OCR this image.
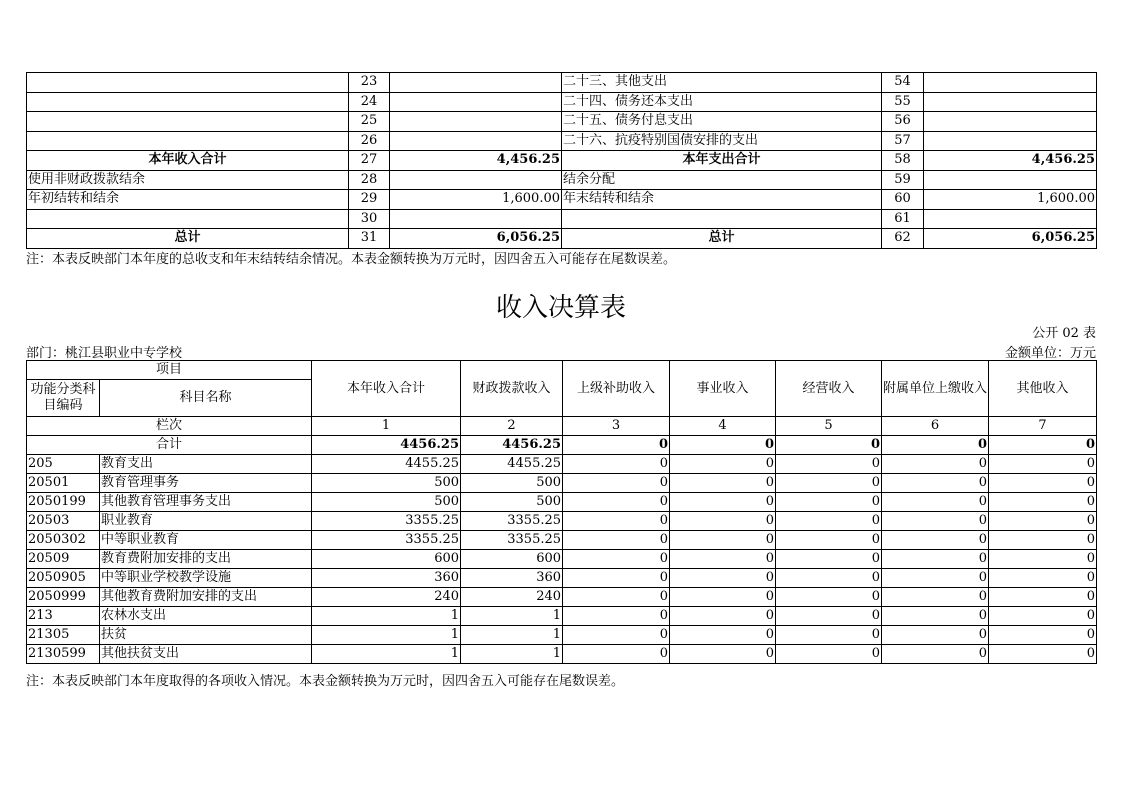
	23		二十三、其他支出	54	
	24		二十四、债务还本支出	55	
	25		二十五、债务付息支出	56	
	26		二十六、抗疫特别国债安排的支出	57	
本年收入合计	27	4,456.25	本年支出合计	58	4,456.25
使用非财政拨款结余	28		结余分配	59	
年初结转和结余	29	1,600.00	年末结转和结余	60	1,600.00
	30			61	
总计	31	6,056.25	总计	62	6,056.25
注：本表反映部门本年度的总收支和年末结转结余情况。本表金额转换为万元时，因四舍五入可能存在尾数误差。
收入决算表
公开 02 表
部门：桃江县职业中专学校	金额单位：万元
项目		本年收入合计	财政拨款收入	上级补助收入	事业收入	经营收入	附属单位上缴收入	其他收入
功能分类科目编码	科目名称							
栏次		1	2	3	4	5	6	7
合计		4456.25	4456.25	0	0	0	0	0
205	教育支出	4455.25	4455.25	0	0	0	0	0
20501	教育管理事务	500	500	0	0	0	0	0
2050199	其他教育管理事务支出	500	500	0	0	0	0	0
20503	职业教育	3355.25	3355.25	0	0	0	0	0
2050302	中等职业教育	3355.25	3355.25	0	0	0	0	0
20509	教育费附加安排的支出	600	600	0	0	0	0	0
2050905	中等职业学校教学设施	360	360	0	0	0	0	0
2050999	其他教育费附加安排的支出	240	240	0	0	0	0	0
213	农林水支出	1	1	0	0	0	0	0
21305	扶贫	1	1	0	0	0	0	0
2130599	其他扶贫支出	1	1	0	0	0	0	0
注：本表反映部门本年度取得的各项收入情况。本表金额转换为万元时，因四舍五入可能存在尾数误差。
